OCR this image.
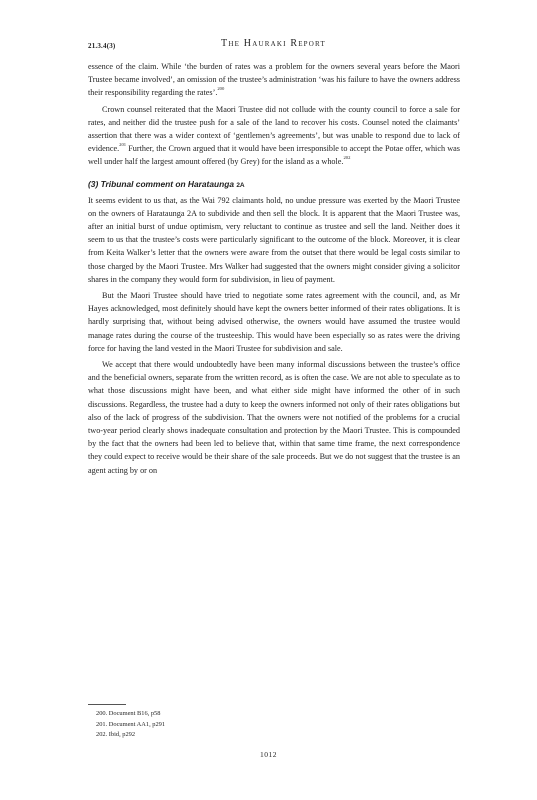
21.3.4(3)	The Hauraki Report

essence of the claim. While ‘the burden of rates was a problem for the owners several years before the Maori Trustee became involved’, an omission of the trustee’s administration ‘was his failure to have the owners address their responsibility regarding the rates’.$^{200}$

Crown counsel reiterated that the Maori Trustee did not collude with the county council to force a sale for rates, and neither did the trustee push for a sale of the land to recover his costs. Counsel noted the claimants’ assertion that there was a wider context of ‘gentlemen’s agreements’, but was unable to respond due to lack of evidence.$^{201}$ Further, the Crown argued that it would have been irresponsible to accept the Potae offer, which was well under half the largest amount offered (by Grey) for the island as a whole.$^{202}$

(3) Tribunal comment on Harataunga 2A

It seems evident to us that, as the Wai 792 claimants hold, no undue pressure was exerted by the Maori Trustee on the owners of Harataunga 2A to subdivide and then sell the block. It is apparent that the Maori Trustee was, after an initial burst of undue optimism, very reluctant to continue as trustee and sell the land. Neither does it seem to us that the trustee’s costs were particularly significant to the outcome of the block. Moreover, it is clear from Keita Walker’s letter that the owners were aware from the outset that there would be legal costs similar to those charged by the Maori Trustee. Mrs Walker had suggested that the owners might consider giving a solicitor shares in the company they would form for subdivision, in lieu of payment.

But the Maori Trustee should have tried to negotiate some rates agreement with the council, and, as Mr Hayes acknowledged, most definitely should have kept the owners better informed of their rates obligations. It is hardly surprising that, without being advised otherwise, the owners would have assumed the trustee would manage rates during the course of the trusteeship. This would have been especially so as rates were the driving force for having the land vested in the Maori Trustee for subdivision and sale.

We accept that there would undoubtedly have been many informal discussions between the trustee’s office and the beneficial owners, separate from the written record, as is often the case. We are not able to speculate as to what those discussions might have been, and what either side might have informed the other of in such discussions. Regardless, the trustee had a duty to keep the owners informed not only of their rates obligations but also of the lack of progress of the subdivision. That the owners were not notified of the problems for a crucial two-year period clearly shows inadequate consultation and protection by the Maori Trustee. This is compounded by the fact that the owners had been led to believe that, within that same time frame, the next correspondence they could expect to receive would be their share of the sale proceeds. But we do not suggest that the trustee is an agent acting by or on

200. Document B16, p58

201. Document AA1, p291

202. Ibid, p292

1012
